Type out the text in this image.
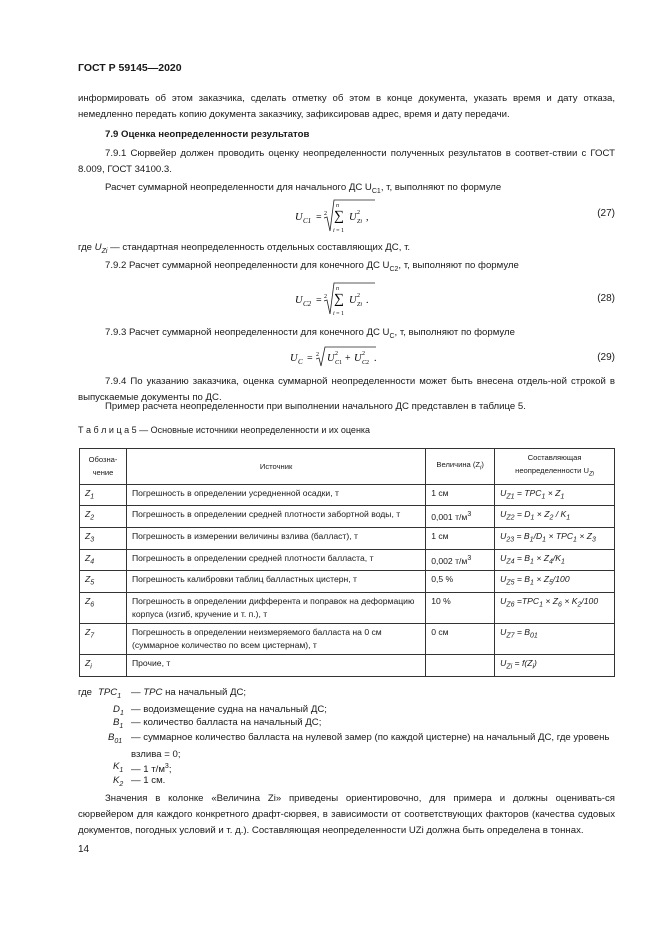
ГОСТ Р 59145—2020
информировать об этом заказчика, сделать отметку об этом в конце документа, указать время и дату отказа, немедленно передать копию документа заказчику, зафиксировав адрес, время и дату передачи.
7.9 Оценка неопределенности результатов
7.9.1 Сюрвейер должен проводить оценку неопределенности полученных результатов в соответ-ствии с ГОСТ 8.009, ГОСТ 34100.3.
Расчет суммарной неопределенности для начального ДС $U_{C1}$, т, выполняют по формуле
U C1 = 2
n
∑
i = 1
U 2
Zi ,	(27)
где $U_{Zi}$ — стандартная неопределенность отдельных составляющих ДС, т.
7.9.2 Расчет суммарной неопределенности для конечного ДС $U_{C2}$, т, выполняют по формуле
U C2 = 2
n
∑
i = 1
U 2
Zi .	(28)
7.9.3 Расчет суммарной неопределенности для конечного ДС $U_C$, т, выполняют по формуле
U C = 2 U 2
C1 + U 2
C2 .	(29)
7.9.4 По указанию заказчика, оценка суммарной неопределенности может быть внесена отдель-ной строкой в выпускаемые документы по ДС.
Пример расчета неопределенности при выполнении начального ДС представлен в таблице 5.
Т а б л и ц а 5 — Основные источники неопределенности и их оценка
Обозна-чение	Источник	Величина $(Z_i)$	Составляющая неопределенности $U_{Zi}$
$Z_1$	Погрешность в определении усредненной осадки, т	1 см	$U_{Z1} = TPC_1 \times Z_1$
$Z_2$	Погрешность в определении средней плотности забортной воды, т	0,001 $т/м^3$	$U_{Z2} = D_1 \times Z_2 / K_1$
$Z_3$	Погрешность в измерении величины взлива (балласт), т	1 см	$U_{23} = B_1/D_1 \times TPC_1 \times Z_3$
$Z_4$	Погрешность в определении средней плотности балласта, т	0,002 $т/м^3$	$U_{Z4} = B_1 \times Z_4/K_1$
$Z_5$	Погрешность калибровки таблиц балластных цистерн, т	0,5 %	$U_{Z5} = B_1 \times Z_5/100$
$Z_6$	Погрешность в определении дифферента и поправок на деформацию корпуса (изгиб, кручение и т. п.), т	10 %	$U_{Z6} =TPC_1 \times Z_6 \times K_2/100$
$Z_7$	Погрешность в определении неизмеряемого балласта на 0 см (суммарное количество по всем цистернам), т	0 см	$U_{Z7} = B_{01}$
$Z_i$	Прочие, т		$U_{Zi} = f(Z_i)$
где $TPC_1$ — TPC на начальный ДС;
$D_1$ — водоизмещение судна на начальный ДС;
$B_1$ — количество балласта на начальный ДС;
$B_{01}$ — суммарное количество балласта на нулевой замер (по каждой цистерне) на начальный ДС, где уровень взлива = 0;
$K_1$ — 1 $т/м^3$;
$K_2$ — 1 см.
Значения в колонке «Величина Zi» приведены ориентировочно, для примера и должны оценивать-ся сюрвейером для каждого конкретного драфт-сюрвея, в зависимости от соответствующих факторов (качества судовых документов, погодных условий и т. д.). Составляющая неопределенности UZi должна быть определена в тоннах.
14
